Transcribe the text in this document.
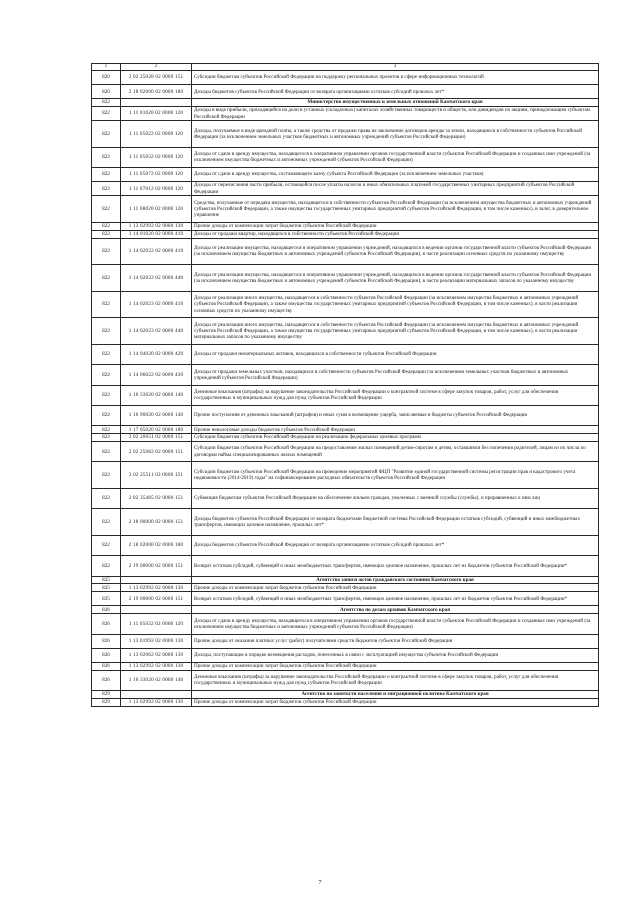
1	2	3
820	2 02 25028 02 0000 151	Субсидии бюджетам субъектов Российской Федерации на поддержку региональных проектов в сфере информационных технологий
820	2 18 02000 02 0000 180	Доходы бюджетов субъектов Российской Федерации от возврата организациями остатков субсидий прошлых лет*
822		Министерство имущественных и земельных отношений Камчатского края
822	1 11 01020 02 0000 120	Доходы в виде прибыли, приходящейся на доли в уставных (складочных) капиталах хозяйственных товариществ и обществ, или дивидендов по акциям, принадлежащим субъектам Российской Федерации
822	1 11 05022 02 0000 120	Доходы, получаемые в виде арендной платы, а также средства от продажи права на заключение договоров аренды за земли, находящиеся в собственности субъектов Российской Федерации (за исключением земельных участков бюджетных и автономных учреждений субъектов Российской Федерации)
822	1 11 05032 02 0000 120	Доходы от сдачи в аренду имущества, находящегося в оперативном управлении органов государственной власти субъектов Российской Федерации и созданных ими учреждений (за исключением имущества бюджетных и автономных учреждений субъектов Российской Федерации)
822	1 11 05072 02 0000 120	Доходы от сдачи в аренду имущества, составляющего казну субъекта Российской Федерации (за исключением земельных участков)
822	1 11 07012 02 0000 120	Доходы от перечисления части прибыли, остающейся после уплаты налогов и иных обязательных платежей государственных унитарных предприятий субъектов Российской Федерации
822	1 11 08020 02 0000 120	Средства, получаемые от передачи имущества, находящегося в собственности субъектов Российской Федерации (за исключением имущества бюджетных и автономных учреждений субъектов Российской Федерации, а также имущества государственных унитарных предприятий субъектов Российской Федерации, в том числе казенных), в залог, в доверительное управление
822	1 13 02992 02 0000 130	Прочие доходы от компенсации затрат бюджетов субъектов Российской Федерации
822	1 14 01020 02 0000 410	Доходы от продажи квартир, находящихся в собственности субъектов Российской Федерации
822	1 14 02022 02 0000 410	Доходы от реализации имущества, находящегося в оперативном управлении учреждений, находящихся в ведении органов государственной власти субъектов Российской Федерации (за исключением имущества бюджетных и автономных учреждений субъектов Российской Федерации), в части реализации основных средств по указанному имуществу
822	1 14 02022 02 0000 440	Доходы от реализации имущества, находящегося в оперативном управлении учреждений, находящихся в ведении органов государственной власти субъектов Российской Федерации (за исключением имущества бюджетных и автономных учреждений субъектов Российской Федерации), в части реализации материальных запасов по указанному имуществу
822	1 14 02023 02 0000 410	Доходы от реализации иного имущества, находящегося в собственности субъектов Российской Федерации (за исключением имущества бюджетных и автономных учреждений субъектов Российской Федерации, а также имущества государственных унитарных предприятий субъектов Российской Федерации, в том числе казенных), в части реализации основных средств по указанному имуществу
822	1 14 02023 02 0000 440	Доходы от реализации иного имущества, находящегося в собственности субъектов Российской Федерации (за исключением имущества бюджетных и автономных учреждений субъектов Российской Федерации, а также имущества государственных унитарных предприятий субъектов Российской Федерации, в том числе казенных), в части реализации материальных запасов по указанному имуществу
822	1 14 04020 02 0000 420	Доходы от продажи нематериальных активов, находящихся в собственности субъектов Российской Федерации
822	1 14 06022 02 0000 430	Доходы от продажи земельных участков, находящихся в собственности субъектов Российской Федерации (за исключением земельных участков бюджетных и автономных учреждений субъектов Российской Федерации)
822	1 16 33020 02 0000 140	Денежные взыскания (штрафы) за нарушение законодательства Российской Федерации о контрактной системе в сфере закупок товаров, работ, услуг для обеспечения государственных и муниципальных нужд для нужд субъектов Российской Федерации
822	1 16 90020 02 0000 140	Прочие поступления от денежных взысканий (штрафов) и иных сумм в возмещение ущерба, зачисляемые в бюджеты субъектов Российской Федерации
822	1 17 05020 02 0000 180	Прочие неналоговые доходы бюджетов субъектов Российской Федерации
822	2 02 20051 02 0000 151	Субсидии бюджетам субъектов Российской Федерации на реализацию федеральных целевых программ
822	2 02 25082 02 0000 151	Субсидии бюджетам субъектов Российской Федерации на предоставление жилых помещений детям-сиротам и детям, оставшимся без попечения родителей, лицам из их числа по договорам найма специализированных жилых помещений
822	2 02 25511 02 0000 151	Субсидии бюджетам субъектов Российской Федерации на проведение мероприятий ФЦП "Развитие единой государственной системы регистрации прав и кадастрового учета недвижимости (2014-2019) годы" на софинансирование расходных обязательств субъектов Российской Федерации
822	2 02 35485 02 0000 151	Субвенция бюджетам субъектов Российской Федерации на обеспечение жильем граждан, уволенных с военной службы (службы), и приравненных к ним лиц
822	2 18 00000 02 0000 151	Доходы бюджетов субъектов Российской Федерации от возврата бюджетами бюджетной системы Российской Федерации остатков субсидий, субвенций и иных межбюджетных трансфертов, имеющих целевое назначение, прошлых лет*
822	2 18 02000 02 0000 180	Доходы бюджетов субъектов Российской Федерации от возврата организациями остатков субсидий прошлых лет*
822	2 19 00000 02 0000 151	Возврат остатков субсидий, субвенций и иных межбюджетных трансфертов, имеющих целевое назначение, прошлых лет из бюджетов субъектов Российской Федерации*
825		Агентство записи актов гражданского состояния Камчатского края
825	1 13 02992 02 0000 130	Прочие доходы от компенсации затрат бюджетов субъектов Российской Федерации
825	2 19 00000 02 0000 151	Возврат остатков субсидий, субвенций и иных межбюджетных трансфертов, имеющих целевое назначение, прошлых лет из бюджетов субъектов Российской Федерации*
826		Агентство по делам архивов Камчатского края
826	1 11 05032 02 0000 120	Доходы от сдачи в аренду имущества, находящегося в оперативном управлении органов государственной власти субъектов Российской Федерации и созданных ими учреждений (за исключением имущества бюджетных и автономных учреждений субъектов Российской Федерации)
826	1 13 01992 02 0000 130	Прочие доходы от оказания платных услуг (работ) получателями средств бюджетов субъектов Российской Федерации
826	1 13 02062 02 0000 130	Доходы, поступающие в порядке возмещения расходов, понесенных в связи с эксплуатацией имущества субъектов Российской Федерации
826	1 13 02992 02 0000 130	Прочие доходы от компенсации затрат бюджетов субъектов Российской Федерации
826	1 16 33020 02 0000 140	Денежные взыскания (штрафы) за нарушение законодательства Российской Федерации о контрактной системе в сфере закупок товаров, работ, услуг для обеспечения государственных и муниципальных нужд для нужд субъектов Российской Федерации
829		Агентство по занятости населения и миграционной политике Камчатского края
829	1 13 02992 02 0000 130	Прочие доходы от компенсации затрат бюджетов субъектов Российской Федерации
7
